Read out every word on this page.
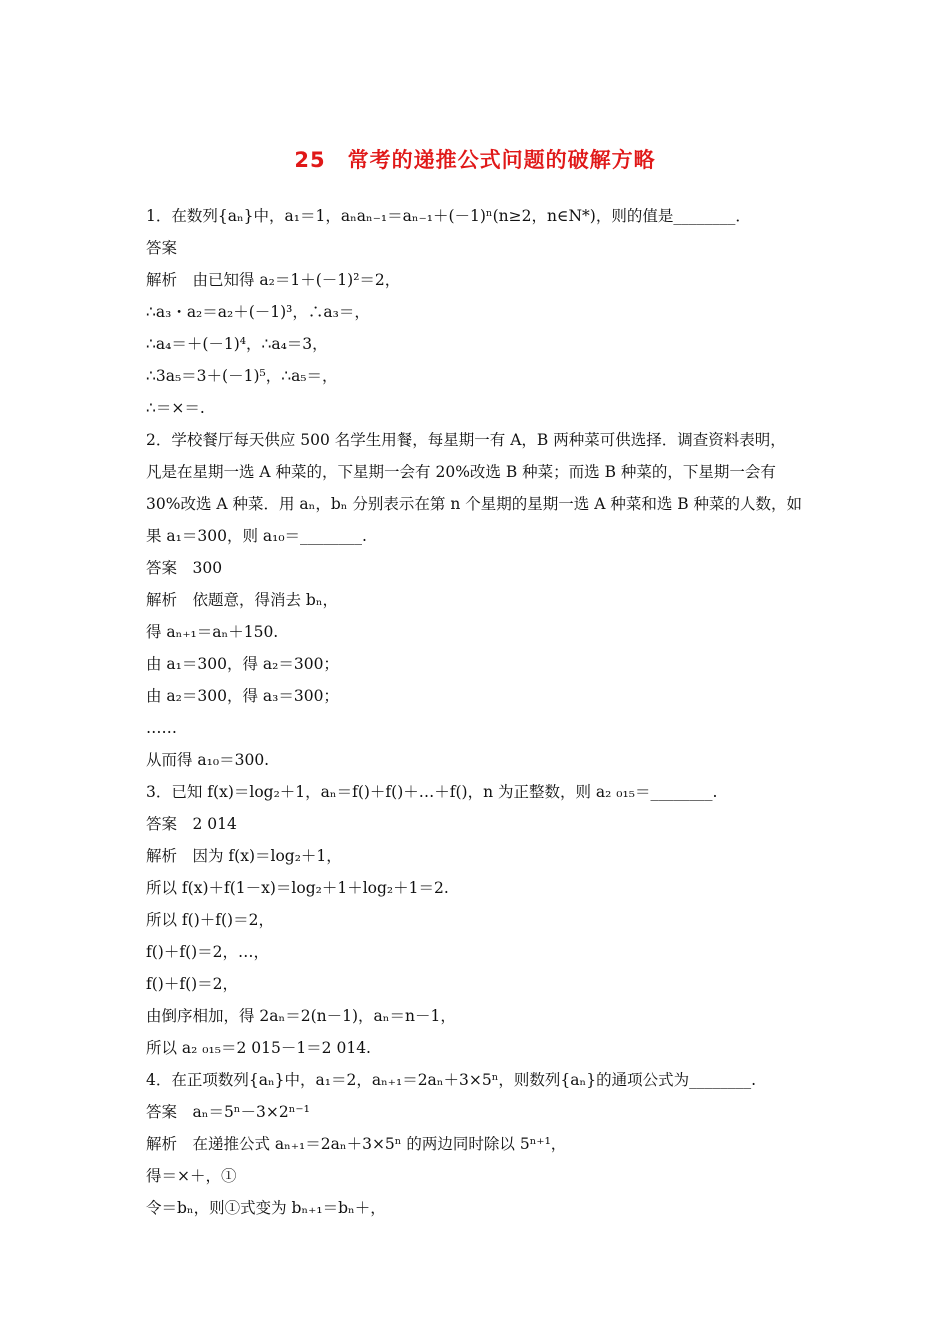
25　常考的递推公式问题的破解方略
1．在数列{aₙ}中，a₁＝1，aₙaₙ₋₁＝aₙ₋₁＋(－1)ⁿ(n≥2，n∈N*)，则的值是________．
答案
解析　由已知得 a₂＝1＋(－1)²＝2，
∴a₃・a₂＝a₂＋(－1)³，∴a₃＝，
∴a₄＝＋(－1)⁴，∴a₄＝3，
∴3a₅＝3＋(－1)⁵，∴a₅＝，
∴＝×＝.
2．学校餐厅每天供应 500 名学生用餐，每星期一有 A，B 两种菜可供选择．调查资料表明，
凡是在星期一选 A 种菜的，下星期一会有 20%改选 B 种菜；而选 B 种菜的，下星期一会有
30%改选 A 种菜．用 aₙ，bₙ 分别表示在第 n 个星期的星期一选 A 种菜和选 B 种菜的人数，如
果 a₁＝300，则 a₁₀＝________.
答案　300
解析　依题意，得消去 bₙ，
得 aₙ₊₁＝aₙ＋150.
由 a₁＝300，得 a₂＝300；
由 a₂＝300，得 a₃＝300；
……
从而得 a₁₀＝300.
3．已知 f(x)＝log₂＋1，aₙ＝f()＋f()＋…＋f()，n 为正整数，则 a₂ ₀₁₅＝________.
答案　2 014
解析　因为 f(x)＝log₂＋1，
所以 f(x)＋f(1－x)＝log₂＋1＋log₂＋1＝2.
所以 f()＋f()＝2，
f()＋f()＝2，…，
f()＋f()＝2，
由倒序相加，得 2aₙ＝2(n－1)，aₙ＝n－1，
所以 a₂ ₀₁₅＝2 015－1＝2 014.
4．在正项数列{aₙ}中，a₁＝2，aₙ₊₁＝2aₙ＋3×5ⁿ，则数列{aₙ}的通项公式为________.
答案　aₙ＝5ⁿ－3×2ⁿ⁻¹
解析　在递推公式 aₙ₊₁＝2aₙ＋3×5ⁿ 的两边同时除以 5ⁿ⁺¹，
得＝×＋，①
令＝bₙ，则①式变为 bₙ₊₁＝bₙ＋，
